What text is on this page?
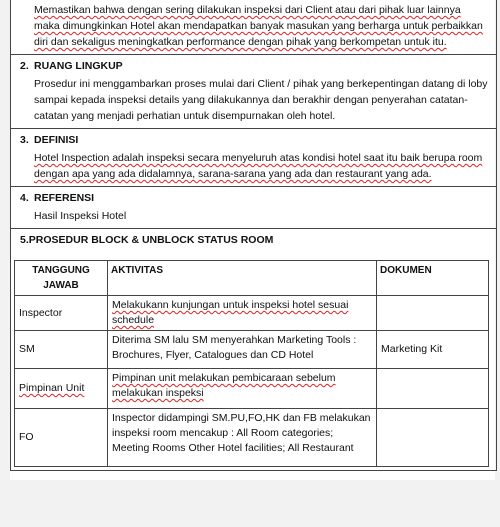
Memastikan bahwa dengan sering dilakukan inspeksi dari Client atau dari pihak luar lainnya maka dimungkinkan Hotel akan mendapatkan banyak masukan yang berharga untuk perbaikkan diri dan sekaligus meningkatkan performance dengan pihak yang berkompetan untuk itu.
2. RUANG LINGKUP
Prosedur ini menggambarkan proses mulai dari Client / pihak yang berkepentingan datang di loby sampai kepada inspeksi details yang dilakukannya dan berakhir dengan penyerahan catatan-catatan yang menjadi perhatian untuk disempurnakan oleh hotel.
3. DEFINISI
Hotel Inspection adalah inspeksi secara menyeluruh atas kondisi hotel saat itu baik berupa room dengan apa yang ada didalamnya, sarana-sarana yang ada dan restaurant yang ada.
4. REFERENSI
Hasil Inspeksi Hotel
5.PROSEDUR BLOCK & UNBLOCK STATUS ROOM
TANGGUNG JAWAB	AKTIVITAS	DOKUMEN
Inspector	Melakukann kunjungan untuk inspeksi hotel sesuai schedule	
SM	Diterima SM lalu SM menyerahkan Marketing Tools : Brochures, Flyer, Catalogues dan CD Hotel	Marketing Kit
Pimpinan Unit	Pimpinan unit melakukan pembicaraan sebelum melakukan inspeksi	
FO	Inspector didampingi SM.PU,FO,HK dan FB melakukan inspeksi room mencakup : All Room categories; Meeting Rooms Other Hotel facilities; All Restaurant	
